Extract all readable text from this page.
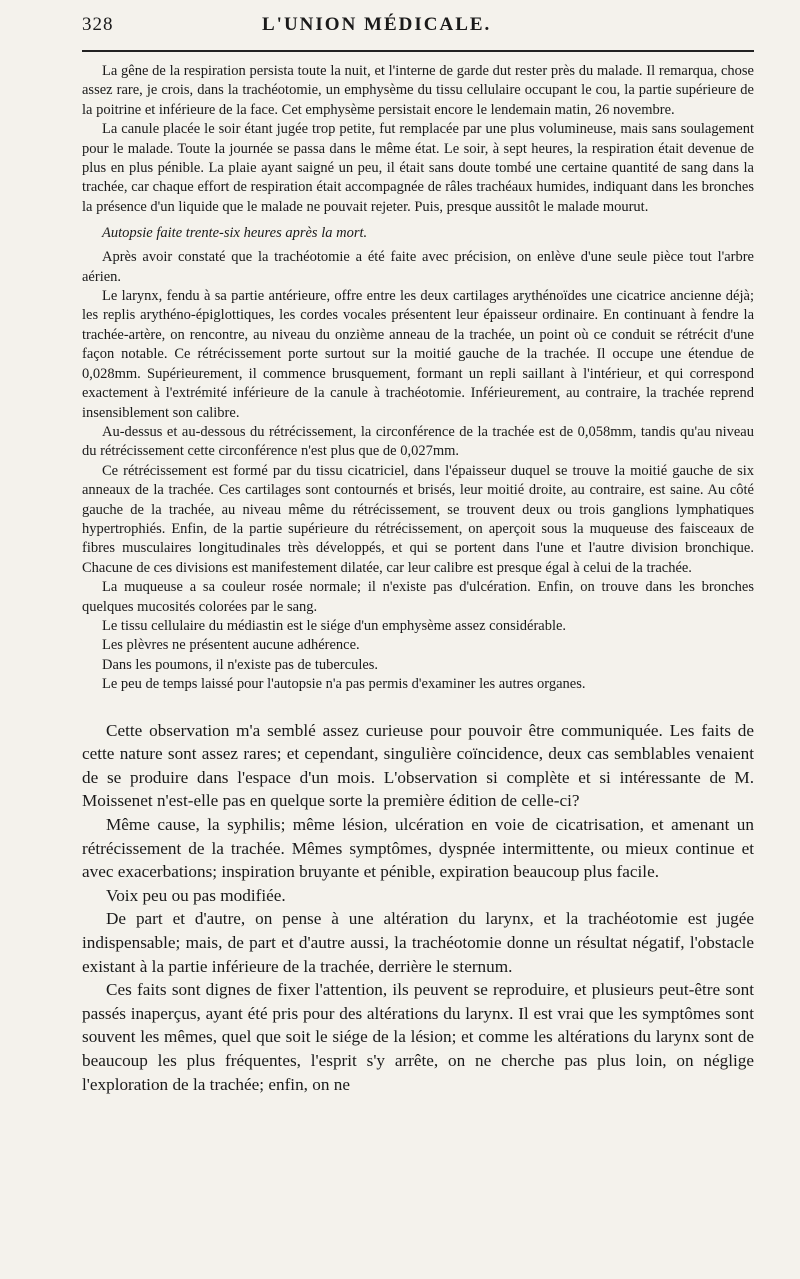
328	L'UNION MÉDICALE.

La gêne de la respiration persista toute la nuit, et l'interne de garde dut rester près du malade. Il remarqua, chose assez rare, je crois, dans la trachéotomie, un emphysème du tissu cellulaire occupant le cou, la partie supérieure de la poitrine et inférieure de la face. Cet emphysème persistait encore le lendemain matin, 26 novembre.

La canule placée le soir étant jugée trop petite, fut remplacée par une plus volumineuse, mais sans soulagement pour le malade. Toute la journée se passa dans le même état. Le soir, à sept heures, la respiration était devenue de plus en plus pénible. La plaie ayant saigné un peu, il était sans doute tombé une certaine quantité de sang dans la trachée, car chaque effort de respiration était accompagnée de râles trachéaux humides, indiquant dans les bronches la présence d'un liquide que le malade ne pouvait rejeter. Puis, presque aussitôt le malade mourut.

Autopsie faite trente-six heures après la mort.

Après avoir constaté que la trachéotomie a été faite avec précision, on enlève d'une seule pièce tout l'arbre aérien.

Le larynx, fendu à sa partie antérieure, offre entre les deux cartilages arythénoïdes une cicatrice ancienne déjà; les replis arythéno-épiglottiques, les cordes vocales présentent leur épaisseur ordinaire. En continuant à fendre la trachée-artère, on rencontre, au niveau du onzième anneau de la trachée, un point où ce conduit se rétrécit d'une façon notable. Ce rétrécissement porte surtout sur la moitié gauche de la trachée. Il occupe une étendue de 0,028mm. Supérieurement, il commence brusquement, formant un repli saillant à l'intérieur, et qui correspond exactement à l'extrémité inférieure de la canule à trachéotomie. Inférieurement, au contraire, la trachée reprend insensiblement son calibre.

Au-dessus et au-dessous du rétrécissement, la circonférence de la trachée est de 0,058mm, tandis qu'au niveau du rétrécissement cette circonférence n'est plus que de 0,027mm.

Ce rétrécissement est formé par du tissu cicatriciel, dans l'épaisseur duquel se trouve la moitié gauche de six anneaux de la trachée. Ces cartilages sont contournés et brisés, leur moitié droite, au contraire, est saine. Au côté gauche de la trachée, au niveau même du rétrécissement, se trouvent deux ou trois ganglions lymphatiques hypertrophiés. Enfin, de la partie supérieure du rétrécissement, on aperçoit sous la muqueuse des faisceaux de fibres musculaires longitudinales très développés, et qui se portent dans l'une et l'autre division bronchique. Chacune de ces divisions est manifestement dilatée, car leur calibre est presque égal à celui de la trachée.

La muqueuse a sa couleur rosée normale; il n'existe pas d'ulcération. Enfin, on trouve dans les bronches quelques mucosités colorées par le sang.

Le tissu cellulaire du médiastin est le siége d'un emphysème assez considérable.

Les plèvres ne présentent aucune adhérence.

Dans les poumons, il n'existe pas de tubercules.

Le peu de temps laissé pour l'autopsie n'a pas permis d'examiner les autres organes.

Cette observation m'a semblé assez curieuse pour pouvoir être communiquée. Les faits de cette nature sont assez rares; et cependant, singulière coïncidence, deux cas semblables venaient de se produire dans l'espace d'un mois. L'observation si complète et si intéressante de M. Moissenet n'est-elle pas en quelque sorte la première édition de celle-ci?

Même cause, la syphilis; même lésion, ulcération en voie de cicatrisation, et amenant un rétrécissement de la trachée. Mêmes symptômes, dyspnée intermittente, ou mieux continue et avec exacerbations; inspiration bruyante et pénible, expiration beaucoup plus facile.

Voix peu ou pas modifiée.

De part et d'autre, on pense à une altération du larynx, et la trachéotomie est jugée indispensable; mais, de part et d'autre aussi, la trachéotomie donne un résultat négatif, l'obstacle existant à la partie inférieure de la trachée, derrière le sternum.

Ces faits sont dignes de fixer l'attention, ils peuvent se reproduire, et plusieurs peut-être sont passés inaperçus, ayant été pris pour des altérations du larynx. Il est vrai que les symptômes sont souvent les mêmes, quel que soit le siége de la lésion; et comme les altérations du larynx sont de beaucoup les plus fréquentes, l'esprit s'y arrête, on ne cherche pas plus loin, on néglige l'exploration de la trachée; enfin, on ne
